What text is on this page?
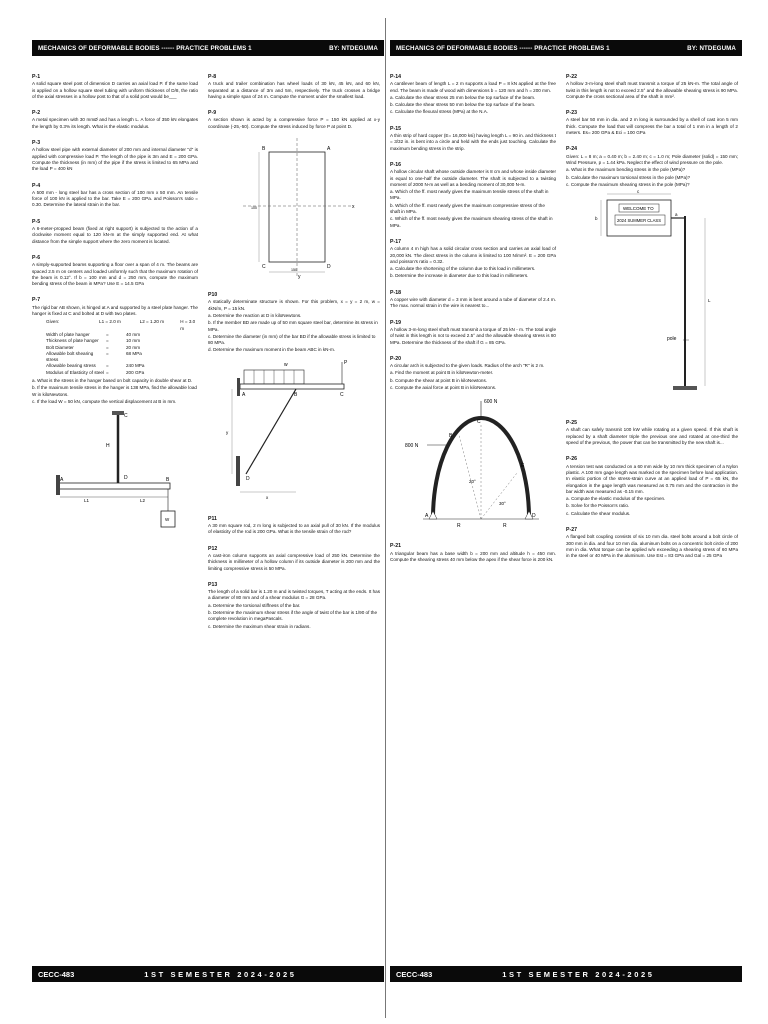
MECHANICS OF DEFORMABLE BODIES ------ PRACTICE PROBLEMS 1	BY: NTDEGUMA
P-1
A solid square steel post of dimension D carries an axial load P. If the same load is applied on a hollow square steel tubing with uniform thickness of D/8, the ratio of the axial stresses in a hollow post to that of a solid post would be___
P-2
A metal specimen with 30 mmØ and has a length L. A force of 350 kN elongates the length by 0.3% its length. What is the elastic modulus.
P-3
A hollow steel pipe with external diameter of 200 mm and internal diameter "d" is applied with compressive load P. The length of the pipe is 3m and E = 200 GPa. Compute the thickness (in mm) of the pipe if the stress is limited to 65 MPa and the load P = 400 kN
P-4
A 500 mm - long steel bar has a cross section of 100 mm x 50 mm. An tensile force of 100 kN is applied to the bar. Take E = 200 GPa. and Poisson's ratio = 0.30. Determine the lateral strain in the bar.
P-5
A 6-meter-propped beam (fixed at right support) is subjected to the action of a clockwise moment equal to 120 kN-m at the simply supported end. At what distance from the simple support where the zero moment is located.
P-6
A simply-supported beams supporting a floor over a span of 4 m. The beams are spaced 2.5 m on centers and loaded uniformly such that the maximum rotation of the beam is 0.12°. If b = 100 mm and d = 250 mm, compute the maximum bending stress of the beam in MPa? Use E = 14.5 GPa
P-7
The rigid bar AB shown, is hinged at A and supported by a steel plate hanger. The hanger is fixed at C and bolted at D with two plates.
Given:	L1 = 2.0 m	L2 = 1.20 m	H = 3.0 m
Width of plate hanger	=	40 mm
Thickness of plate hanger	=	10 mm
Bolt Diameter	=	20 mm
Allowable bolt shearing stress
=	68 MPa
Allowable bearing stress	=	240 MPa
Modulus of Elasticity of steel =	200 GPa
a. What is the stress in the hanger based on bolt capacity in double shear at D.
b. If the maximum tensile stress in the hanger is 138 MPa, find the allowable load W in kiloNewtons.
c. If the load W = 50 kN, compute the vertical displacement at B in mm.
C
D
H
A	B
L1	L2
W
P-8
A truck and trailer combination has wheel loads of 30 kN, 45 kN, and 60 kN, separated at a distance of 3m and 5m, respectively. The truck crosses a bridge having a simple span of 24 m. Compute the moment under the smallest load.
P-9
A section shown is acted by a compressive force P = 150 kN applied at x-y coordinate (-25,-50). Compute the stress induced by force P at point D.
x
y
B	A
C	D
100
150
P10
A statically determinate structure is shown. For this problem, x = y = 2 m, w = 4kN/m, P = 15 kN.
a. Determine the reaction at D in kiloNewtons.
b. If the member BD are made up of 50 mm square steel bar, determine its stress in MPa.
c. Determine the diameter (in mm) of the bar BD if the allowable stress is limited to 80 MPa.
d. Determine the maximum moment in the beam ABC in kN-m.
w	P
A	B	C
D
y
x
P11
A 30 mm square rod, 2 m long is subjected to an axial pull of 30 kN. If the modulus of elasticity of the rod is 200 GPa. What is the tensile strain of the rod?
P12
A cast-iron column supports an axial compressive load of 250 kN. Determine the thickness in millimeter of a hollow column if its outside diameter is 200 mm and the limiting compressive stress is 50 MPa.
P13
The length of a solid bar is 1.20 m and is twisted torques, T acting at the ends. It has a diameter of 80 mm and of a shear modulus G = 28 GPa.
a. Determine the torsional stiffness of the bar.
b. Determine the maximum shear stress if the angle of twist of the bar is 1/90 of the complete revolution in megaPascals.
c. Determine the maximum shear strain in radians.
CECC-483	1ST SEMESTER 2024-2025
MECHANICS OF DEFORMABLE BODIES ------ PRACTICE PROBLEMS 1	BY: NTDEGUMA
P-14
A cantilever beam of length L = 2 m supports a load P = 8 kN applied at the free end. The beam is made of wood with dimensions b = 120 mm and h = 200 mm.
a. Calculate the shear stress 25 mm below the top surface of the beam.
b. Calculate the shear stress 50 mm below the top surface of the beam.
c. Calculate the flexural stress (MPa) at the N.A.
P-15
A thin strip of hard copper (E= 16,000 ksi) having length L = 90 in. and thickness t = 3/32 in. is bent into a circle and held with the ends just touching. Calculate the maximum bending stress in the strip.
P-16
A hollow circular shaft whose outside diameter is 8 cm and whose inside diameter is equal to one-half the outside diameter. The shaft is subjected to a twisting moment of 2000 N-m as well as a bending moment of 30,000 N-m.
a. Which of the ff. most nearly gives the maximum tensile stress of the shaft in MPa.
b. Which of the ff. most nearly gives the maximum compressive stress of the shaft in MPa.
c. Which of the ff. most nearly gives the maximum shearing stress of the shaft in MPa.
P-17
A column 4 m high has a solid circular cross section and carries an axial load of 20,000 kN. The direct stress in the column is limited to 100 N/mm². E = 200 GPa and poisson's ratio = 0.32.
a. Calculate the shortening of the column due to this load in millimeters.
b. Determine the increase in diameter due to this load in millimeters.
P-18
A copper wire with diameter d = 3 mm is bent around a tube of diameter of 2.4 m. The max. normal strain in the wire is nearest to...
P-19
A hollow 3-m-long steel shaft must transmit a torque of 25 kN - m. The total angle of twist in this length is not to exceed 2.5° and the allowable shearing stress is 80 MPa. Determine the thickness of the shaft if G = 85 GPa.
P-20
A circular arch is subjected to the given loads. Radius of the arch "R" is 2 m.
a. Find the moment at point B in kiloNewton-meter.
b. Compute the shear at point B in kiloNewtons.
c. Compute the axial force at point B in kiloNewtons.
A	D
600 N
C
800 N
B
E
20°
30°
R	R
P-21
A triangular beam has a base width b = 200 mm and altitude h = 450 mm. Compute the shearing stress 40 mm below the apex if the shear force is 200 kN.
P-22
A hollow 3-m-long steel shaft must transmit a torque of 25 kN-m. The total angle of twist in this length is not to exceed 2.5° and the allowable shearing stress is 90 MPa. Compute the cross sectional area of the shaft in mm².
P-23
A steel bar 50 mm in dia. and 2 m long is surrounded by a shell of cast iron 5 mm thick. Compute the load that will compress the bar a total of 1 mm in a length of 2 meters. Es= 200 GPa & Eci = 100 GPa
P-24
Given: L = 8 m; a = 0.40 m; b = 2.40 m; c = 1.0 m; Pole diameter (solid) = 150 mm; Wind Pressure, p = 1.44 kPa. Neglect the effect of wind pressure on the pole.
a. What is the maximum bending stress in the pole (MPa)?
b. Calculate the maximum torsional stress in the pole (MPa)?
c. Compute the maximum shearing stress in the pole (MPa)?
WELCOME TO
2024 SUMMER CLASS
pole
b
c
a
L
P-25
A shaft can safely transmit 100 kW while rotating at a given speed. If this shaft is replaced by a shaft diameter triple the previous one and rotated at one-third the speed of the previous, the power that can be transmitted by the new shaft is...
P-26
A tension test was conducted on a 60 mm wide by 10 mm thick specimen of a Nylon plastic. A 100 mm gage length was marked on the specimen before load application. In elastic portion of the stress-strain curve at an applied load of P = 65 kN, the elongation in the gage length was measured as 0.75 mm and the contraction in the bar width was measured as -0.15 mm.
a. Compute the elastic modulus of the specimen.
b. Solve for the Poisson's ratio.
c. Calculate the shear modulus.
P-27
A flanged bolt coupling consists of six 10 mm dia. steel bolts around a bolt circle of 300 mm in dia. and four 10 mm dia. aluminum bolts on a concentric bolt circle of 200 mm in dia. What torque can be applied w/o exceeding a shearing stress of 60 MPa in the steel or 40 MPa in the aluminum. Use Est = 83 GPa and Gal = 25 GPa
CECC-483	1ST SEMESTER 2024-2025
